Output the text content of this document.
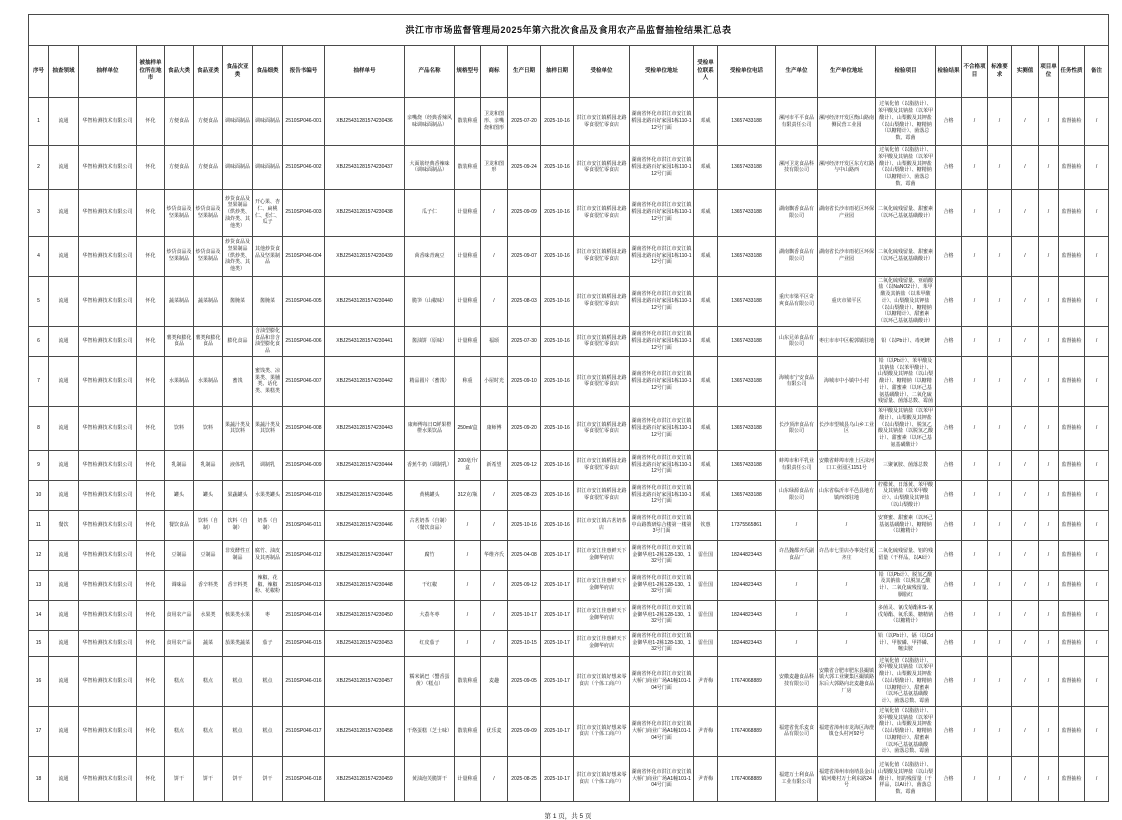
洪江市市场监督管理局2025年第六批次食品及食用农产品监督抽检结果汇总表																												
序号	抽查领域	抽样单位	被抽样单位所在地市	食品大类	食品亚类	食品次亚类	食品细类	报告书编号	抽样单号	产品名称	规格型号	商标	生产日期	抽样日期	受检单位	受检单位地址	受检单位联系人	受检单位电话	生产单位	生产单位地址	检验项目	检验结果	不合格项目	标准要求	实测值	项目单位	任务性质	备注
1	流通	华智检测技术有限公司	怀化	方便食品	方便食品	调味面制品	调味面制品	2510SP046-001	XBJ25431281574230436	亲嘴烧（经典香辣风味调味面制品）	散装称重	卫龙和图形、亲嘴烧和图形	2025-07-20	2025-10-16	洪江市安江镇稻园北路零食很忙零食店	湖南省怀化市洪江市安江镇稻园北路百好家园1栋110-112号门面	邓威	13657433188	漯河市平平食品有限责任公司	漯河经济开发区衡山路南侧民营工业园	过氧化值（以脂肪计）、苯甲酸及其钠盐（以苯甲酸计）、山梨酸及其钾盐（以山梨酸计）、糖精钠（以糖精计）、菌落总数、霉菌	合格	/	/	/	/	监督抽检	/
2	流通	华智检测技术有限公司	怀化	方便食品	方便食品	调味面制品	调味面制品	2510SP046-002	XBJ25431281574230437	大面筋经典香辣味（调味面制品）	散装称重	卫龙和图形	2025-09-24	2025-10-16	洪江市安江镇稻园北路零食很忙零食店	湖南省怀化市洪江市安江镇稻园北路百好家园1栋110-112号门面	邓威	13657433188	漯河卫龙食品科技有限公司	漯河经济开发区东方红路与中山路西	过氧化值（以脂肪计）、苯甲酸及其钠盐（以苯甲酸计）、山梨酸及其钾盐（以山梨酸计）、糖精钠（以糖精计）、菌落总数、霉菌	合格	/	/	/	/	监督抽检	/
3	流通	华智检测技术有限公司	怀化	炒货食品及坚果制品	炒货食品及坚果制品	炒货食品及坚果制品（烘炒类、油炸类、其他类）	开心果、杏仁、扁桃仁、松仁、瓜子	2510SP046-003	XBJ25431281574230438	瓜子仁	计量称重	/	2025-09-09	2025-10-16	洪江市安江镇稻园北路零食很忙零食店	湖南省怀化市洪江市安江镇稻园北路百好家园1栋110-112号门面	邓威	13657433188	湖南飘香食品有限公司	湖南省长沙市雨花区环保产业园	二氧化硫残留量、甜蜜素（以环己基氨基磺酸计）	合格	/	/	/	/	监督抽检	/
4	流通	华智检测技术有限公司	怀化	炒货食品及坚果制品	炒货食品及坚果制品	炒货食品及坚果制品（烘炒类、油炸类、其他类）	其他炒货食品及坚果制品	2510SP046-004	XBJ25431281574230439	茴香味青豌豆	计量称重	/	2025-09-07	2025-10-16	洪江市安江镇稻园北路零食很忙零食店	湖南省怀化市洪江市安江镇稻园北路百好家园1栋110-112号门面	邓威	13657433188	湖南飘香食品有限公司	湖南省长沙市雨花区环保产业园	二氧化硫残留量、甜蜜素（以环己基氨基磺酸计）	合格	/	/	/	/	监督抽检	/
5	流通	华智检测技术有限公司	怀化	蔬菜制品	蔬菜制品	酱腌菜	酱腌菜	2510SP046-005	XBJ25431281574230440	脆笋（山椒味）	计量称重	/	2025-08-03	2025-10-16	洪江市安江镇稻园北路零食很忙零食店	湖南省怀化市洪江市安江镇稻园北路百好家园1栋110-112号门面	邓威	13657433188	重庆市梁平区奇爽食品有限公司	重庆市梁平区	二氧化硫残留量、亚硝酸盐（以NaNO2计）、苯甲酸及其钠盐（以苯甲酸计）、山梨酸及其钾盐（以山梨酸计）、糖精钠（以糖精计）、甜蜜素（以环己基氨基磺酸计）	合格	/	/	/	/	监督抽检	/
6	流通	华智检测技术有限公司	怀化	薯类和膨化食品	薯类和膨化食品	膨化食品	含油型膨化食品和非含油型膨化食品	2510SP046-006	XBJ25431281574230441	酱油饼（原味）	计量称重	福颂	2025-07-30	2025-10-16	洪江市安江镇稻园北路零食很忙零食店	湖南省怀化市洪江市安江镇稻园北路百好家园1栋110-112号门面	邓威	13657433188	山东兄弟食品有限公司	枣庄市市中区税郭镇驻地	铅（以Pb计）、毒死蜱	合格	/	/	/	/	监督抽检	/
7	流通	华智检测技术有限公司	怀化	水果制品	水果制品	蜜饯	蜜饯类、凉果类、果脯类、话化类、果糕类	2510SP046-007	XBJ25431281574230442	精品圆片（蜜饯）	称重	小屋时光	2025-09-10	2025-10-16	洪江市安江镇稻园北路零食很忙零食店	湖南省怀化市洪江市安江镇稻园北路百好家园1栋110-112号门面	邓威	13657433188	海城市宁安食品有限公司	海城市中小镇中小村	铅（以Pb计）、苯甲酸及其钠盐（以苯甲酸计）、山梨酸及其钾盐（以山梨酸计）、糖精钠（以糖精计）、甜蜜素（以环己基氨基磺酸计）、二氧化硫残留量、菌落总数、霉菌	合格	/	/	/	/	监督抽检	/
8	流通	华智检测技术有限公司	怀化	饮料	饮料	果蔬汁类及其饮料	果蔬汁类及其饮料	2510SP046-008	XBJ25431281574230443	康师傅每日C鲜果橙橙水果饮品	250ml/盒	康师傅	2025-09-20	2025-10-16	洪江市安江镇稻园北路零食很忙零食店	湖南省怀化市洪江市安江镇稻园北路百好家园1栋110-112号门面	邓威	13657433188	长沙顶津食品有限公司	长沙市望城县乌山乡工业区	苯甲酸及其钠盐（以苯甲酸计）、山梨酸及其钾盐（以山梨酸计）、脱氢乙酸及其钠盐（以脱氢乙酸计）、甜蜜素（以环己基氨基磺酸计）	合格	/	/	/	/	监督抽检	/
9	流通	华智检测技术有限公司	怀化	乳制品	乳制品	液体乳	调制乳	2510SP046-009	XBJ25431281574230444	香蕉牛奶（调制乳）	200毫升/盒	新希望	2025-09-12	2025-10-16	洪江市安江镇稻园北路零食很忙零食店	湖南省怀化市洪江市安江镇稻园北路百好家园1栋110-112号门面	邓威	13657433188	蚌埠市和平乳业有限责任公司	安徽省蚌埠市淮上区沫河口工业园区1151号	三聚氰胺、菌落总数	合格	/	/	/	/	监督抽检	/
10	流通	华智检测技术有限公司	怀化	罐头	罐头	果蔬罐头	水果类罐头	2510SP046-010	XBJ25431281574230445	黄桃罐头	312克/瓶	/	2025-08-23	2025-10-16	洪江市安江镇稻园北路零食很忙零食店	湖南省怀化市洪江市安江镇稻园北路百好家园1栋110-112号门面	邓威	13657433188	山东绿源食品有限公司	山东省临沂市平邑县地方镇西郊驻地	柠檬黄、日落黄、苯甲酸及其钠盐（以苯甲酸计）、山梨酸及其钾盐（以山梨酸计）	合格	/	/	/	/	监督抽检	/
11	餐饮	华智检测技术有限公司	怀化	餐饮食品	饮料（自制）	饮料（自制）	奶茶（自制）	2510SP046-011	XBJ25431281574230446	古茗奶茶（自制）（餐饮食品）	/	/	2025-10-16	2025-10-16	洪江市安江镇古茗奶茶店	湖南省怀化市洪江市安江镇中山路教研综合楼第一楼第3号门面	钦惠	17375565861	/	/	安赛蜜、甜蜜素（以环己基氨基磺酸计）、糖精钠（以糖精计）	合格	/	/	/	/	监督抽检	/
12	流通	华智检测技术有限公司	怀化	豆制品	豆制品	非发酵性豆制品	腐竹、油皮及其再制品	2510SP046-012	XBJ25431281574230447	腐竹	/	华维齐氏	2025-04-08	2025-10-17	洪江市安江佳惠鲜天下金御华府店	湖南省怀化市洪江市安江镇金御华府1-2栋128-130、132号门面	雷仕国	18244823443	许昌魏都齐氏副食品厂	许昌市七里店办事处付夏齐庄	二氧化硫残留量、铝的残留量（干样品，以Al计）	合格	/	/	/	/	监督抽检	/
13	流通	华智检测技术有限公司	怀化	调味品	香辛料类	香辛料类	辣椒、花椒、辣椒粉、花椒粉	2510SP046-013	XBJ25431281574230448	干红椒	/	/	2025-09-12	2025-10-17	洪江市安江佳惠鲜天下金御华府店	湖南省怀化市洪江市安江镇金御华府1-2栋128-130、132号门面	雷仕国	18244823443	/	/	铅（以Pb计）、脱氢乙酸及其钠盐（以脱氢乙酸计）、二氧化硫残留量、胭脂红	合格	/	/	/	/	监督抽检	/
14	流通	华智检测技术有限公司	怀化	食用农产品	水果类	核果类水果	枣	2510SP046-014	XBJ25431281574230450	大荔冬枣	/	/	2025-10-17	2025-10-17	洪江市安江佳惠鲜天下金御华府店	湖南省怀化市洪江市安江镇金御华府1-2栋128-130、132号门面	雷仕国	18244823443	/	/	多菌灵、氰戊菊酯和S-氰戊菊酯、氧乐果、糖精钠（以糖精计）	合格	/	/	/	/	监督抽检	/
15	流通	华智检测技术有限公司	怀化	食用农产品	蔬菜	茄果类蔬菜	茄子	2510SP046-015	XBJ25431281574230453	红皮茄子	/	/	2025-10-15	2025-10-17	洪江市安江佳惠鲜天下金御华府店	湖南省怀化市洪江市安江镇金御华府1-2栋128-130、132号门面	雷仕国	18244823443	/	/	铅（以Pb计）、镉（以Cd计）、甲胺磷、甲拌磷、噻虫胺	合格	/	/	/	/	监督抽检	/
16	流通	华智检测技术有限公司	怀化	糕点	糕点	糕点	糕点	2510SP046-016	XBJ25431281574230457	糯米锅巴（蟹香蛋黄）（糕点）	散装称重	麦趣	2025-09-05	2025-10-17	洪江市安江镇好想来零食店（个体工商户）	湖南省怀化市洪江市安江镇大桥门商业广场A1幢101-104号门面	尹青梅	17674068889	安徽麦趣食品科技有限公司	安徽省合肥市肥东县撮镇镇大郭工业聚集区撮镇路东后大郭路向北麦趣食品厂房	过氧化值（以脂肪计）、苯甲酸及其钠盐（以苯甲酸计）、山梨酸及其钾盐（以山梨酸计）、糖精钠（以糖精计）、甜蜜素（以环己基氨基磺酸计）、菌落总数、霉菌	合格	/	/	/	/	监督抽检	/
17	流通	华智检测技术有限公司	怀化	糕点	糕点	糕点	糕点	2510SP046-017	XBJ25431281574230458	干烙蛋糕（芝士味）	散装称重	优乐麦	2025-09-09	2025-10-17	洪江市安江镇好想来零食店（个体工商户）	湖南省怀化市洪江市安江镇大桥门商业广场A1幢101-104号门面	尹青梅	17674068889	福建省优乐麦食品有限公司	福建省漳州市龙海区海澄镇仓头村河92号	过氧化值（以脂肪计）、苯甲酸及其钠盐（以苯甲酸计）、山梨酸及其钾盐（以山梨酸计）、糖精钠（以糖精计）、甜蜜素（以环己基氨基磺酸计）、菌落总数、霉菌	合格	/	/	/	/	监督抽检	/
18	流通	华智检测技术有限公司	怀化	饼干	饼干	饼干	饼干	2510SP046-018	XBJ25431281574230459	黄油泡芙脆饼干	计量称重	/	2025-08-25	2025-10-17	洪江市安江镇好想来零食店（个体工商户）	湖南省怀化市洪江市安江镇大桥门商业广场A1幢101-104号门面	尹青梅	17674068889	福建万士利食品工业有限公司	福建省漳州市南靖县金山镇河墘村万士利东路24号	过氧化值（以脂肪计）、山梨酸及其钾盐（以山梨酸计）、铝的残留量（干样品，以Al计）、菌落总数、霉菌	合格	/	/	/	/	监督抽检	/
第 1 页，共 5 页
